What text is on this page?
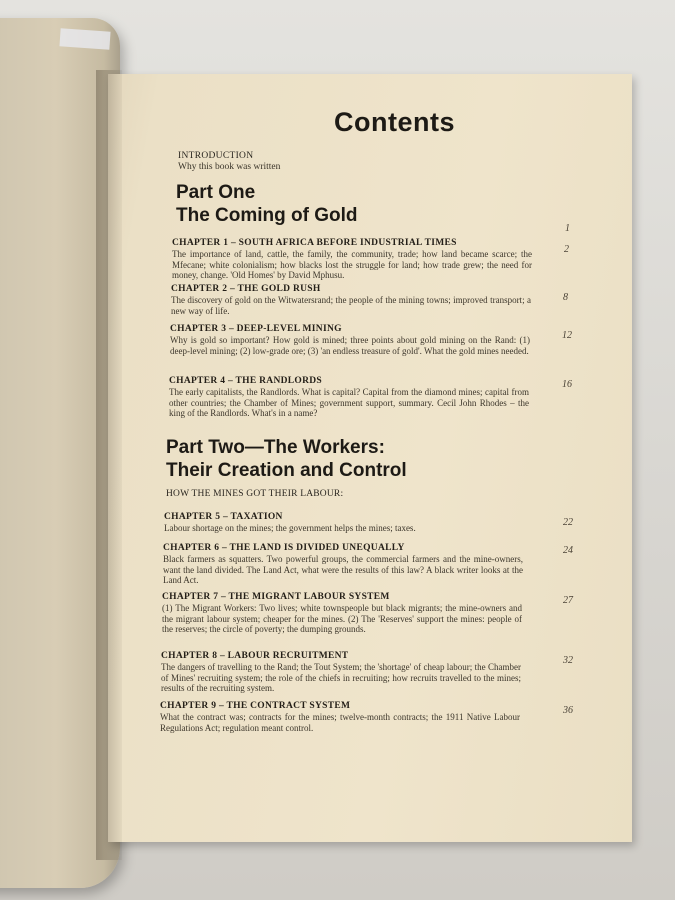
Contents
INTRODUCTION
Why this book was written
Part One
The Coming of Gold
1
CHAPTER 1 – SOUTH AFRICA BEFORE INDUSTRIAL TIMES
The importance of land, cattle, the family, the community, trade; how land became scarce; the Mfecane; white colonialism; how blacks lost the struggle for land; how trade grew; the need for money, change. 'Old Homes' by David Mphusu.
2
CHAPTER 2 – THE GOLD RUSH
The discovery of gold on the Witwatersrand; the people of the mining towns; improved transport; a new way of life.
8
CHAPTER 3 – DEEP-LEVEL MINING
Why is gold so important? How gold is mined; three points about gold mining on the Rand: (1) deep-level mining; (2) low-grade ore; (3) 'an endless treasure of gold'. What the gold mines needed.
12
CHAPTER 4 – THE RANDLORDS
The early capitalists, the Randlords. What is capital? Capital from the diamond mines; capital from other countries; the Chamber of Mines; government support, summary. Cecil John Rhodes – the king of the Randlords. What's in a name?
16
Part Two—The Workers:
Their Creation and Control
HOW THE MINES GOT THEIR LABOUR:
CHAPTER 5 – TAXATION
Labour shortage on the mines; the government helps the mines; taxes.	22
CHAPTER 6 – THE LAND IS DIVIDED UNEQUALLY
Black farmers as squatters. Two powerful groups, the commercial farmers and the mine-owners, want the land divided. The Land Act, what were the results of this law? A black writer looks at the Land Act.
24
CHAPTER 7 – THE MIGRANT LABOUR SYSTEM
(1) The Migrant Workers: Two lives; white townspeople but black migrants; the mine-owners and the migrant labour system; cheaper for the mines. (2) The 'Reserves' support the mines: people of the reserves; the circle of poverty; the dumping grounds.
27
CHAPTER 8 – LABOUR RECRUITMENT
The dangers of travelling to the Rand; the Tout System; the 'shortage' of cheap labour; the Chamber of Mines' recruiting system; the role of the chiefs in recruiting; how recruits travelled to the mines; results of the recruiting system.
32
CHAPTER 9 – THE CONTRACT SYSTEM
What the contract was; contracts for the mines; twelve-month contracts; the 1911 Native Labour Regulations Act; regulation meant control.
36
